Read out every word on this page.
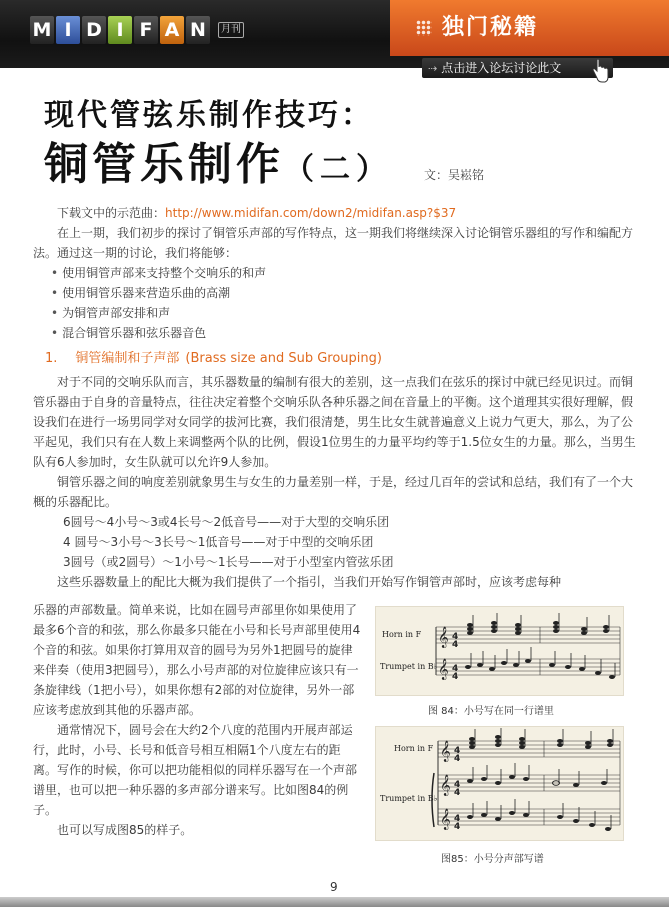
M I D I F A N	月刊	独门秘籍
⇢ 点击进入论坛讨论此文
现代管弦乐制作技巧：
铜管乐制作（二）	文：吴崧铭

下载文中的示范曲：http://www.midifan.com/down2/midifan.asp?$37

在上一期，我们初步的探讨了铜管乐声部的写作特点，这一期我们将继续深入讨论铜管乐器组的写作和编配方法。通过这一期的讨论，我们将能够：

• 使用铜管声部来支持整个交响乐的和声
• 使用铜管乐器来营造乐曲的高潮
• 为铜管声部安排和声
• 混合铜管乐器和弦乐器音色
1. 铜管编制和子声部 (Brass size and Sub Grouping)

对于不同的交响乐队而言，其乐器数量的编制有很大的差别，这一点我们在弦乐的探讨中就已经见识过。而铜管乐器由于自身的音量特点，往往决定着整个交响乐队各种乐器之间在音量上的平衡。这个道理其实很好理解，假设我们在进行一场男同学对女同学的拔河比赛，我们很清楚，男生比女生就普遍意义上说力气更大，那么，为了公平起见，我们只有在人数上来调整两个队的比例，假设1位男生的力量平均约等于1.5位女生的力量。那么，当男生队有6人参加时，女生队就可以允许9人参加。

铜管乐器之间的响度差别就象男生与女生的力量差别一样，于是，经过几百年的尝试和总结，我们有了一个大概的乐器配比。

6圆号～4小号～3或4长号～2低音号——对于大型的交响乐团
4 圆号～3小号～3长号～1低音号——对于中型的交响乐团
3圆号（或2圆号）～1小号～1长号——对于小型室内管弦乐团

这些乐器数量上的配比大概为我们提供了一个指引，当我们开始写作铜管声部时，应该考虑每种

乐器的声部数量。简单来说，比如在圆号声部里你如果使用了最多6个音的和弦，那么你最多只能在小号和长号声部里使用4个音的和弦。如果你打算用双音的圆号为另外1把圆号的旋律来伴奏（使用3把圆号），那么小号声部的对位旋律应该只有一条旋律线（1把小号），如果你想有2部的对位旋律，另外一部应该考虑放到其他的乐器声部。

通常情况下，圆号会在大约2个八度的范围内开展声部运行，此时，小号、长号和低音号相互相隔1个八度左右的距离。写作的时候，你可以把功能相似的同样乐器写在一个声部谱里，也可以把一种乐器的多声部分谱来写。比如图84的例子。

也可以写成图85的样子。

Horn in F
Trumpet in B♭
𝄞
𝄞
4
4
4
4
图 84：小号写在同一行谱里
Horn in F
Trumpet in B♭
𝄞
𝄞
𝄞
4
4
4
4
4
4
图85：小号分声部写谱
9
